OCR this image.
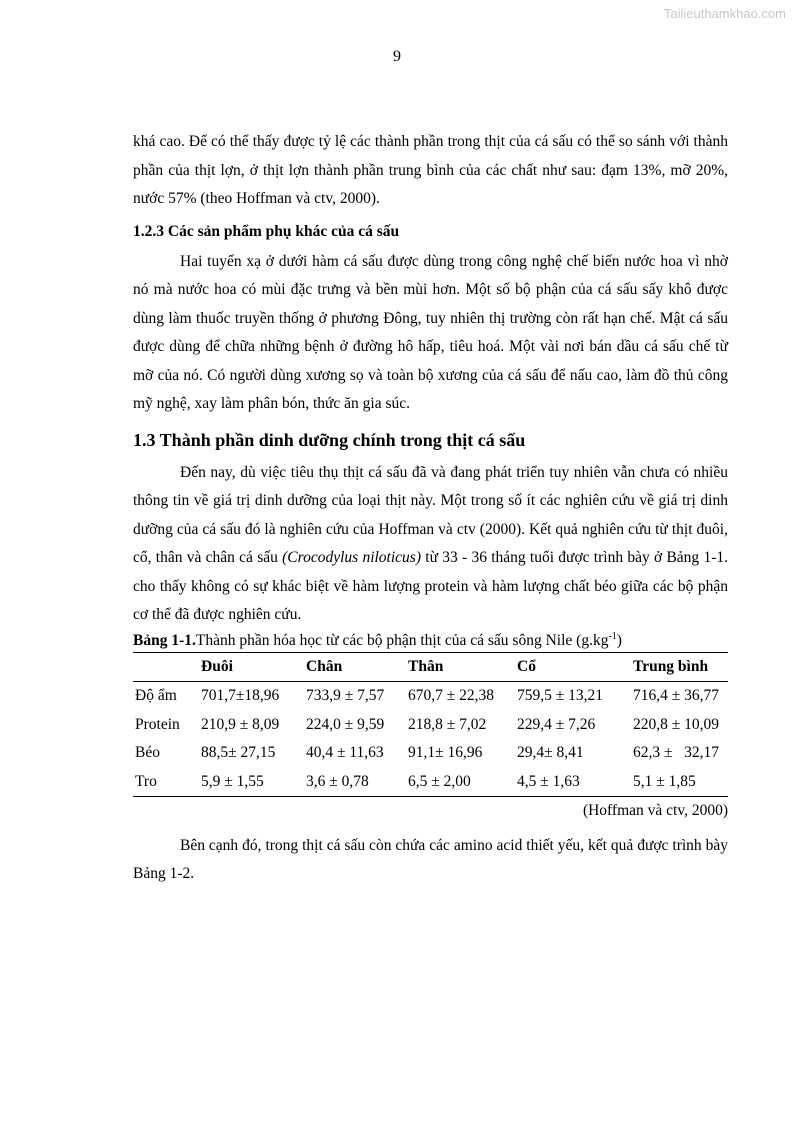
Tailieuthamkhao.com
9

khá cao. Để có thể thấy được tỷ lệ các thành phần trong thịt của cá sấu có thể so sánh với thành phần của thịt lợn, ở thịt lợn thành phần trung bình của các chất như sau: đạm 13%, mỡ 20%, nước 57% (theo Hoffman và ctv, 2000).

1.2.3 Các sản phẩm phụ khác của cá sấu

Hai tuyến xạ ở dưới hàm cá sấu được dùng trong công nghệ chế biến nước hoa vì nhờ nó mà nước hoa có mùi đặc trưng và bền mùi hơn. Một số bộ phận của cá sấu sấy khô được dùng làm thuốc truyền thống ở phương Đông, tuy nhiên thị trường còn rất hạn chế. Mật cá sấu được dùng để chữa những bệnh ở đường hô hấp, tiêu hoá. Một vài nơi bán dầu cá sấu chế từ mỡ của nó. Có người dùng xương sọ và toàn bộ xương của cá sấu để nấu cao, làm đồ thủ công mỹ nghệ, xay làm phân bón, thức ăn gia súc.

1.3 Thành phần dinh dưỡng chính trong thịt cá sấu

Đến nay, dù việc tiêu thụ thịt cá sấu đã và đang phát triển tuy nhiên vẫn chưa có nhiều thông tin về giá trị dinh dưỡng của loại thịt này. Một trong số ít các nghiên cứu về giá trị dinh dưỡng của cá sấu đó là nghiên cứu của Hoffman và ctv (2000). Kết quả nghiên cứu từ thịt đuôi, cổ, thân và chân cá sấu (Crocodylus niloticus) từ 33 - 36 tháng tuổi được trình bày ở Bảng 1-1. cho thấy không có sự khác biệt về hàm lượng protein và hàm lượng chất béo giữa các bộ phận cơ thể đã được nghiên cứu.

Bảng 1-1.Thành phần hóa học từ các bộ phận thịt của cá sấu sông Nile $(g.kg^{-1})$
	Đuôi	Chân	Thân	Cổ	Trung bình
Độ ẩm	701,7±18,96	733,9 ± 7,57	670,7 ± 22,38	759,5 ± 13,21	716,4 ± 36,77
Protein	210,9 ± 8,09	224,0 ± 9,59	218,8 ± 7,02	229,4 ± 7,26	220,8 ± 10,09
Béo	88,5± 27,15	40,4 ± 11,63	91,1± 16,96	29,4± 8,41	62,3 ±   32,17
Tro	5,9 ± 1,55	3,6 ± 0,78	6,5 ± 2,00	4,5 ± 1,63	5,1 ± 1,85
(Hoffman và ctv, 2000)					

Bên cạnh đó, trong thịt cá sấu còn chứa các amino acid thiết yếu, kết quả được trình bày Bảng 1-2.
